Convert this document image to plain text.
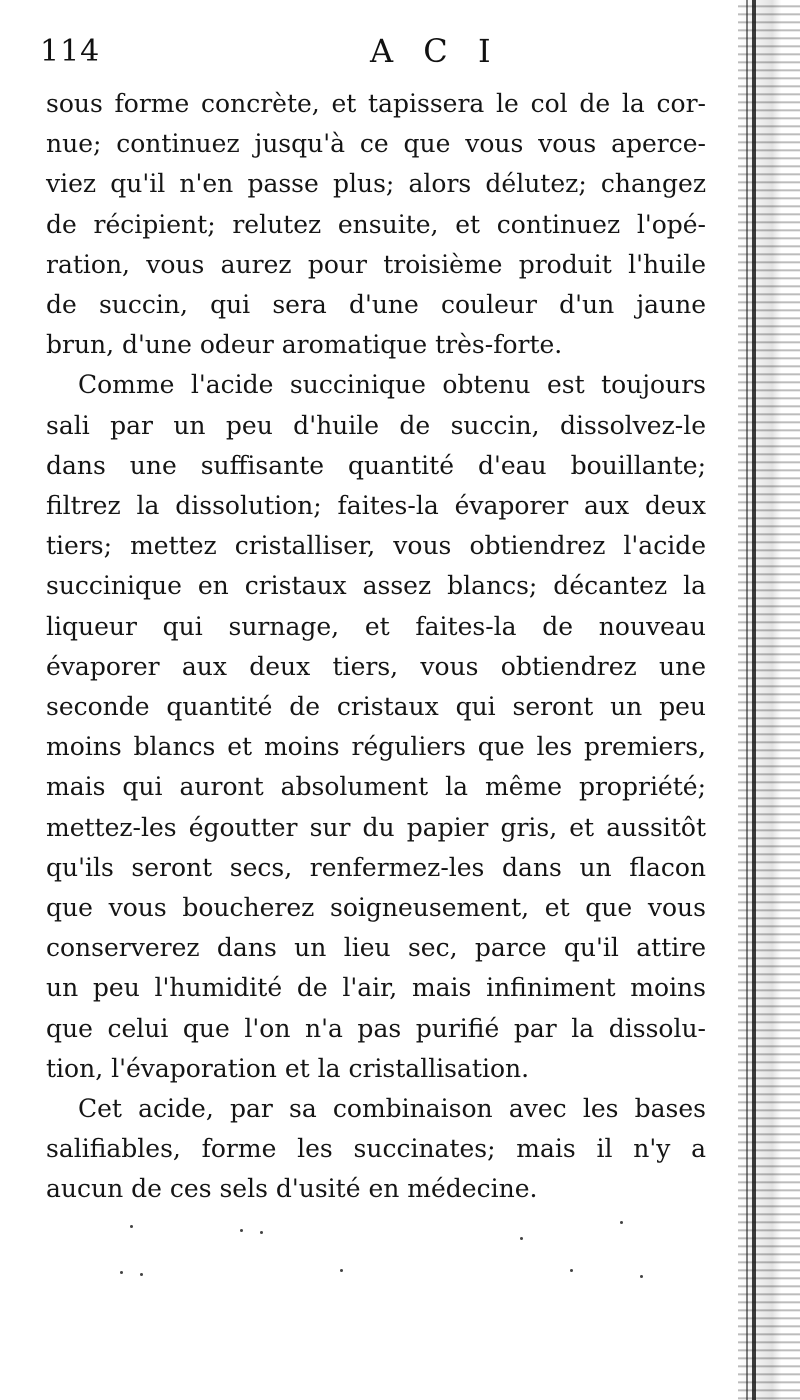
114	A C I
sous forme concrète, et tapissera le col de la cor-
nue; continuez jusqu'à ce que vous vous aperce-
viez qu'il n'en passe plus; alors délutez; changez
de récipient; relutez ensuite, et continuez l'opé-
ration, vous aurez pour troisième produit l'huile
de succin, qui sera d'une couleur d'un jaune
brun, d'une odeur aromatique très-forte.
Comme l'acide succinique obtenu est toujours
sali par un peu d'huile de succin, dissolvez-le
dans une suffisante quantité d'eau bouillante;
filtrez la dissolution; faites-la évaporer aux deux
tiers; mettez cristalliser, vous obtiendrez l'acide
succinique en cristaux assez blancs; décantez la
liqueur qui surnage, et faites-la de nouveau
évaporer aux deux tiers, vous obtiendrez une
seconde quantité de cristaux qui seront un peu
moins blancs et moins réguliers que les premiers,
mais qui auront absolument la même propriété;
mettez-les égoutter sur du papier gris, et aussitôt
qu'ils seront secs, renfermez-les dans un flacon
que vous boucherez soigneusement, et que vous
conserverez dans un lieu sec, parce qu'il attire
un peu l'humidité de l'air, mais infiniment moins
que celui que l'on n'a pas purifié par la dissolu-
tion, l'évaporation et la cristallisation.
Cet acide, par sa combinaison avec les bases
salifiables, forme les succinates; mais il n'y a
aucun de ces sels d'usité en médecine.
